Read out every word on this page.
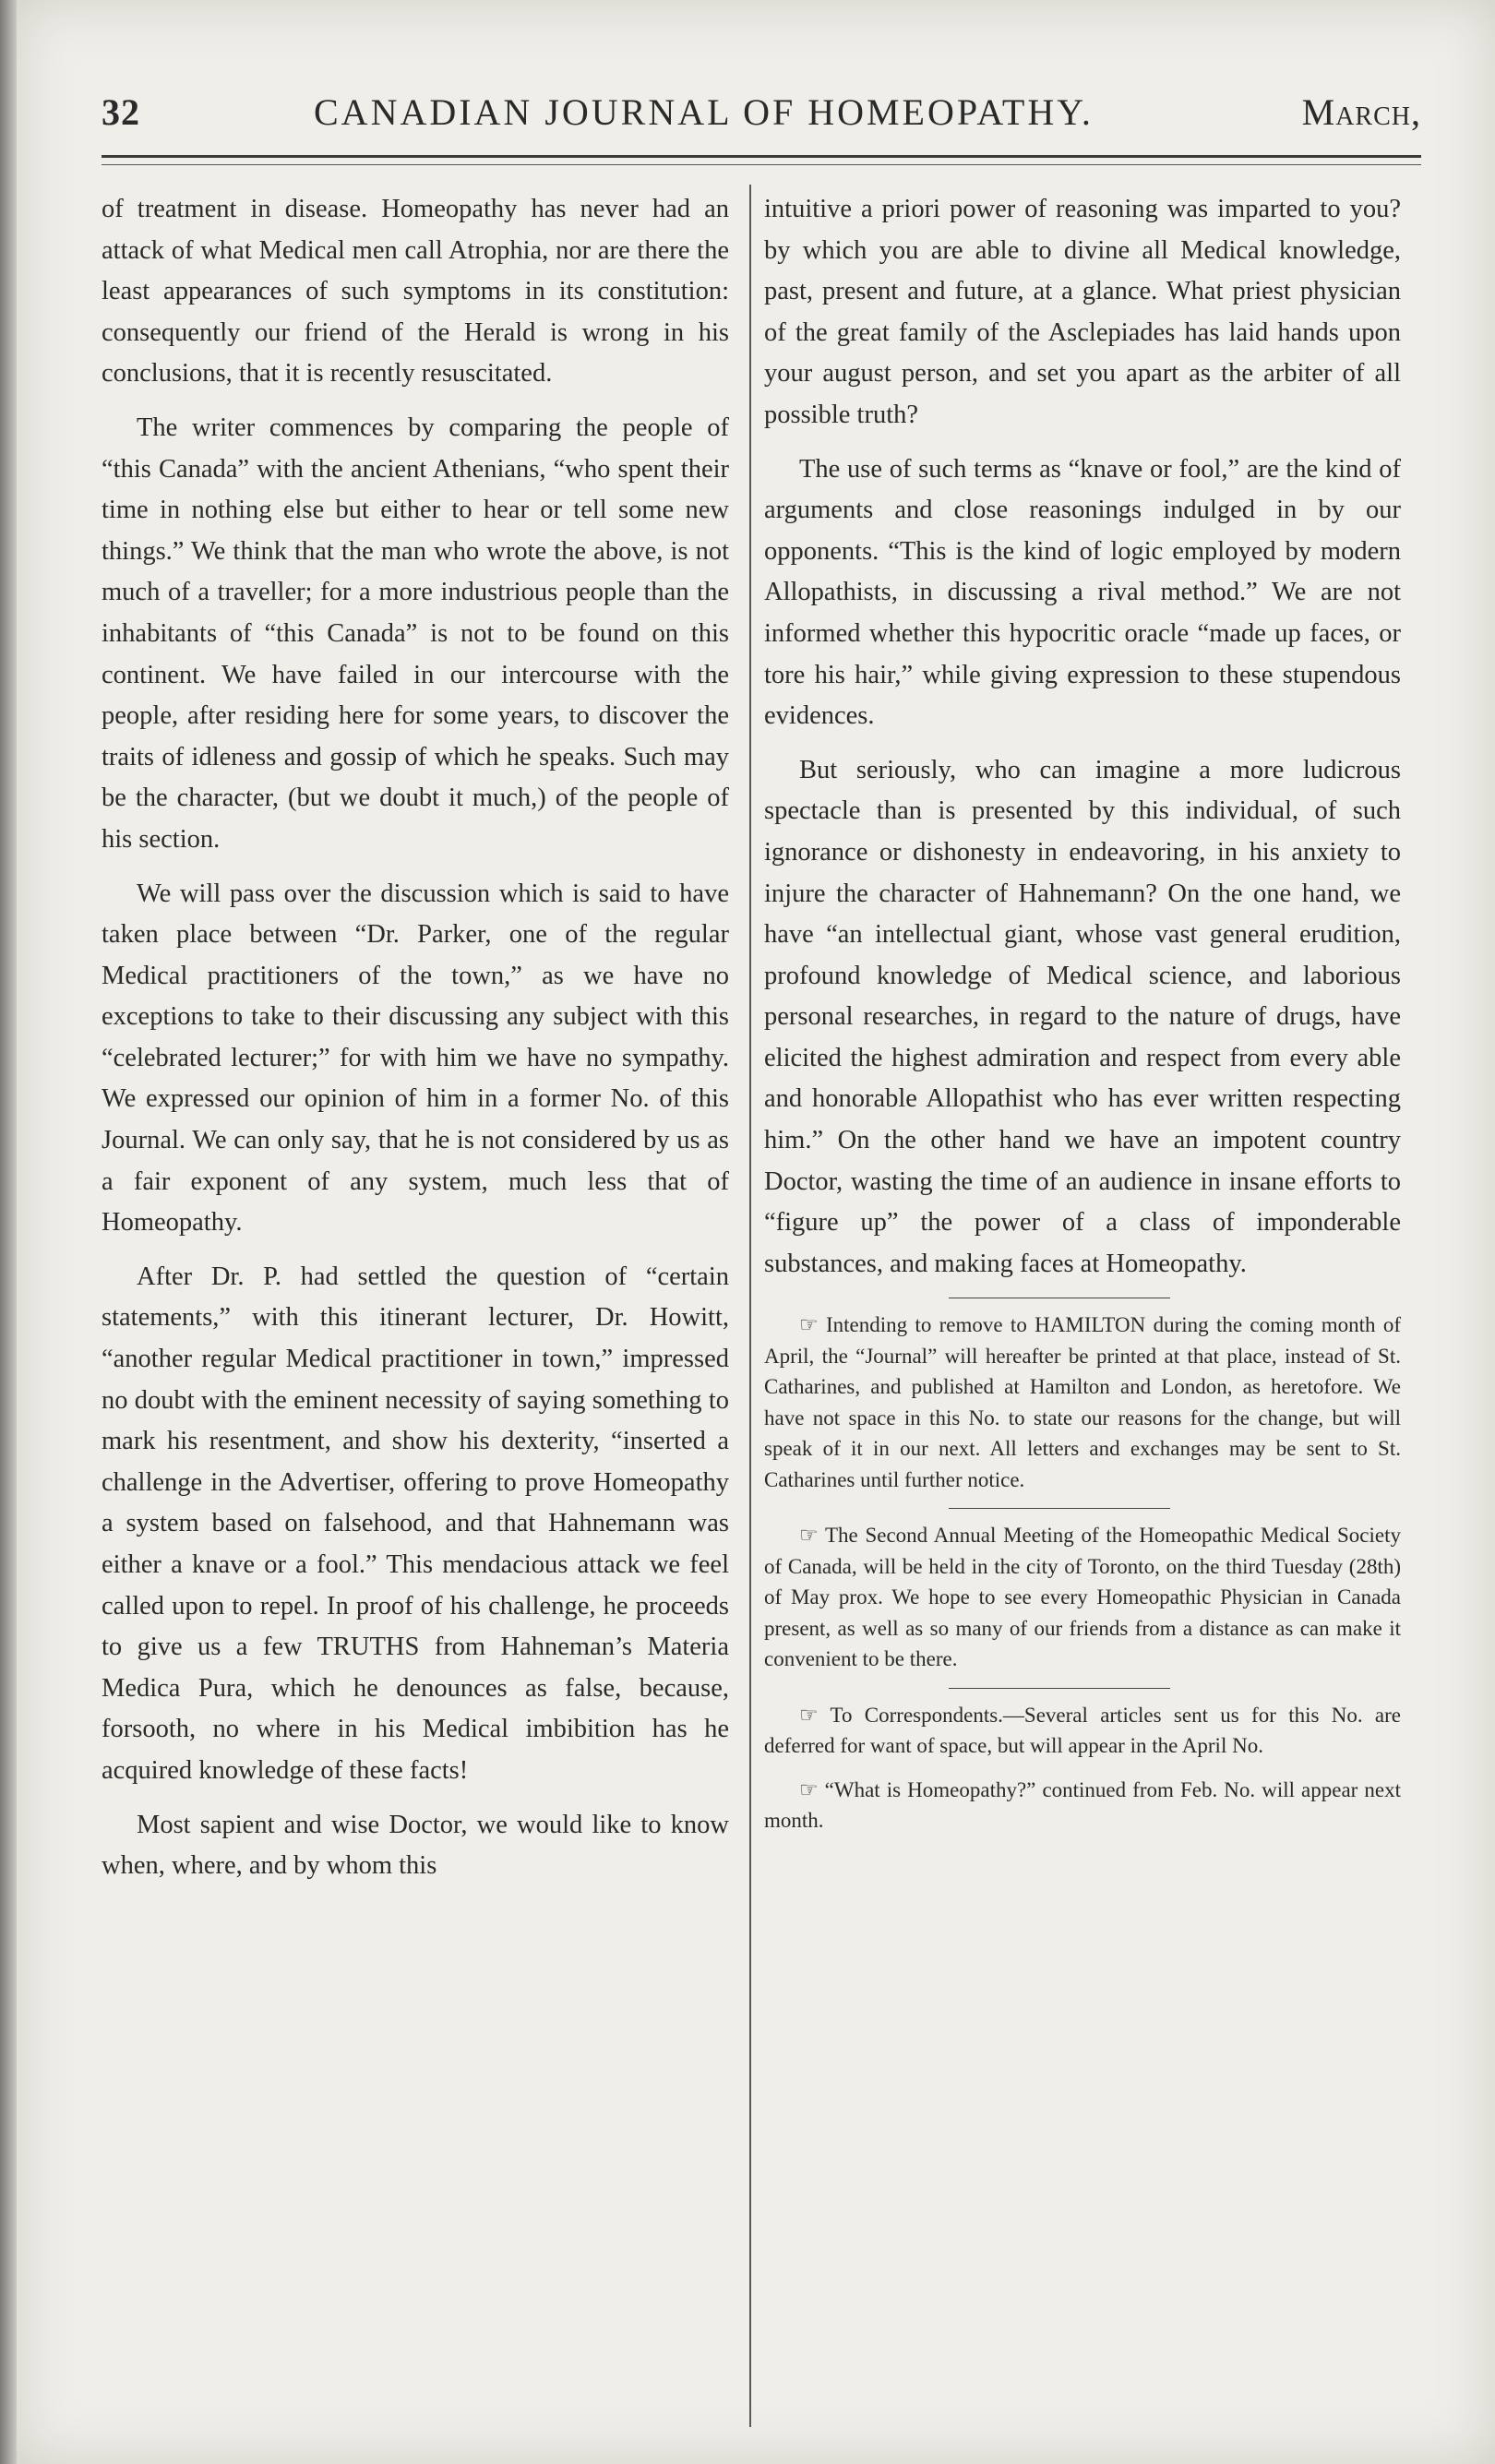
32	CANADIAN JOURNAL OF HOMEOPATHY.	March,

of treatment in disease. Homeopathy has never had an attack of what Medical men call Atrophia, nor are there the least appearances of such symptoms in its constitution: consequently our friend of the Herald is wrong in his conclusions, that it is recently resuscitated.

The writer commences by comparing the people of “this Canada” with the ancient Athenians, “who spent their time in nothing else but either to hear or tell some new things.” We think that the man who wrote the above, is not much of a traveller; for a more industrious people than the inhabitants of “this Canada” is not to be found on this continent. We have failed in our intercourse with the people, after residing here for some years, to discover the traits of idleness and gossip of which he speaks. Such may be the character, (but we doubt it much,) of the people of his section.

We will pass over the discussion which is said to have taken place between “Dr. Parker, one of the regular Medical practitioners of the town,” as we have no exceptions to take to their discussing any subject with this “celebrated lecturer;” for with him we have no sympathy. We expressed our opinion of him in a former No. of this Journal. We can only say, that he is not considered by us as a fair exponent of any system, much less that of Homeopathy.

After Dr. P. had settled the question of “certain statements,” with this itinerant lecturer, Dr. Howitt, “another regular Medical practitioner in town,” impressed no doubt with the eminent necessity of saying something to mark his resentment, and show his dexterity, “inserted a challenge in the Advertiser, offering to prove Homeopathy a system based on falsehood, and that Hahnemann was either a knave or a fool.” This mendacious attack we feel called upon to repel. In proof of his challenge, he proceeds to give us a few TRUTHS from Hahneman’s Materia Medica Pura, which he denounces as false, because, forsooth, no where in his Medical imbibition has he acquired knowledge of these facts!

Most sapient and wise Doctor, we would like to know when, where, and by whom this

intuitive a priori power of reasoning was imparted to you? by which you are able to divine all Medical knowledge, past, present and future, at a glance. What priest physician of the great family of the Asclepiades has laid hands upon your august person, and set you apart as the arbiter of all possible truth?

The use of such terms as “knave or fool,” are the kind of arguments and close reasonings indulged in by our opponents. “This is the kind of logic employed by modern Allopathists, in discussing a rival method.” We are not informed whether this hypocritic oracle “made up faces, or tore his hair,” while giving expression to these stupendous evidences.

But seriously, who can imagine a more ludicrous spectacle than is presented by this individual, of such ignorance or dishonesty in endeavoring, in his anxiety to injure the character of Hahnemann? On the one hand, we have “an intellectual giant, whose vast general erudition, profound knowledge of Medical science, and laborious personal researches, in regard to the nature of drugs, have elicited the highest admiration and respect from every able and honorable Allopathist who has ever written respecting him.” On the other hand we have an impotent country Doctor, wasting the time of an audience in insane efforts to “figure up” the power of a class of imponderable substances, and making faces at Homeopathy.

☞ Intending to remove to HAMILTON during the coming month of April, the “Journal” will hereafter be printed at that place, instead of St. Catharines, and published at Hamilton and London, as heretofore. We have not space in this No. to state our reasons for the change, but will speak of it in our next. All letters and exchanges may be sent to St. Catharines until further notice.

☞ The Second Annual Meeting of the Homeopathic Medical Society of Canada, will be held in the city of Toronto, on the third Tuesday (28th) of May prox. We hope to see every Homeopathic Physician in Canada present, as well as so many of our friends from a distance as can make it convenient to be there.

☞ To Correspondents.—Several articles sent us for this No. are deferred for want of space, but will appear in the April No.

☞ “What is Homeopathy?” continued from Feb. No. will appear next month.
